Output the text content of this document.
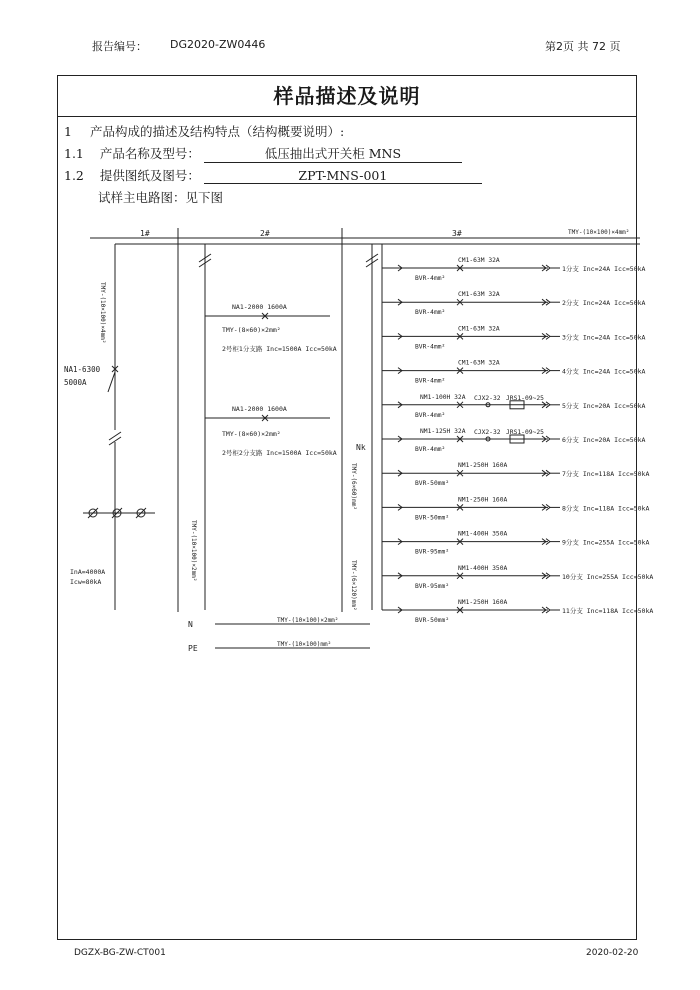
报告编号： DG2020-ZW0446	第2页 共 72 页
样品描述及说明
1 产品构成的描述及结构特点（结构概要说明）:
1.1 产品名称及型号：	低压抽出式开关柜 MNS
1.2 提供图纸及图号：	ZPT-MNS-001
试样主电路图：见下图
1#	2#	3#	TMY-(10×100)×4mm²
TMY-(10×100)×4mm²
NA1-6300
5000A
InA=4000A
Icw=80kA
TMY-(10×100)×2mm²
NA1-2000 1600A
TMY-(8×60)×2mm²
2号柜1分支路 Inc=1500A Icc=50kA
NA1-2000 1600A
TMY-(8×60)×2mm²
2号柜2分支路 Inc=1500A Icc=50kA
Nk
TMY-(6×60)mm²
TMY-(6×120)mm²
CM1-63M 32A
BVR-4mm²
1分支 Inc=24A Icc=50kA
CM1-63M 32A
BVR-4mm²
2分支 Inc=24A Icc=50kA
CM1-63M 32A
BVR-4mm²
3分支 Inc=24A Icc=50kA
CM1-63M 32A
BVR-4mm²
4分支 Inc=24A Icc=50kA
CJX2-32 JRS1-09~25
NM1-100H 32A
BVR-4mm²
5分支 Inc=20A Icc=50kA
CJX2-32 JRS1-09~25
NM1-125H 32A
BVR-4mm²
6分支 Inc=20A Icc=50kA
NM1-250H 160A
BVR-50mm²
7分支 Inc=118A Icc=50kA
NM1-250H 160A
BVR-50mm²
8分支 Inc=118A Icc=50kA
NM1-400H 350A
BVR-95mm²
9分支 Inc=255A Icc=50kA
NM1-400H 350A
BVR-95mm²
10分支 Inc=255A Icc=50kA
NM1-250H 160A
BVR-50mm²
11分支 Inc=118A Icc=50kA
N	TMY-(10×100)×2mm²
PE	TMY-(10×100)mm²
DGZX-BG-ZW-CT001	2020-02-20
